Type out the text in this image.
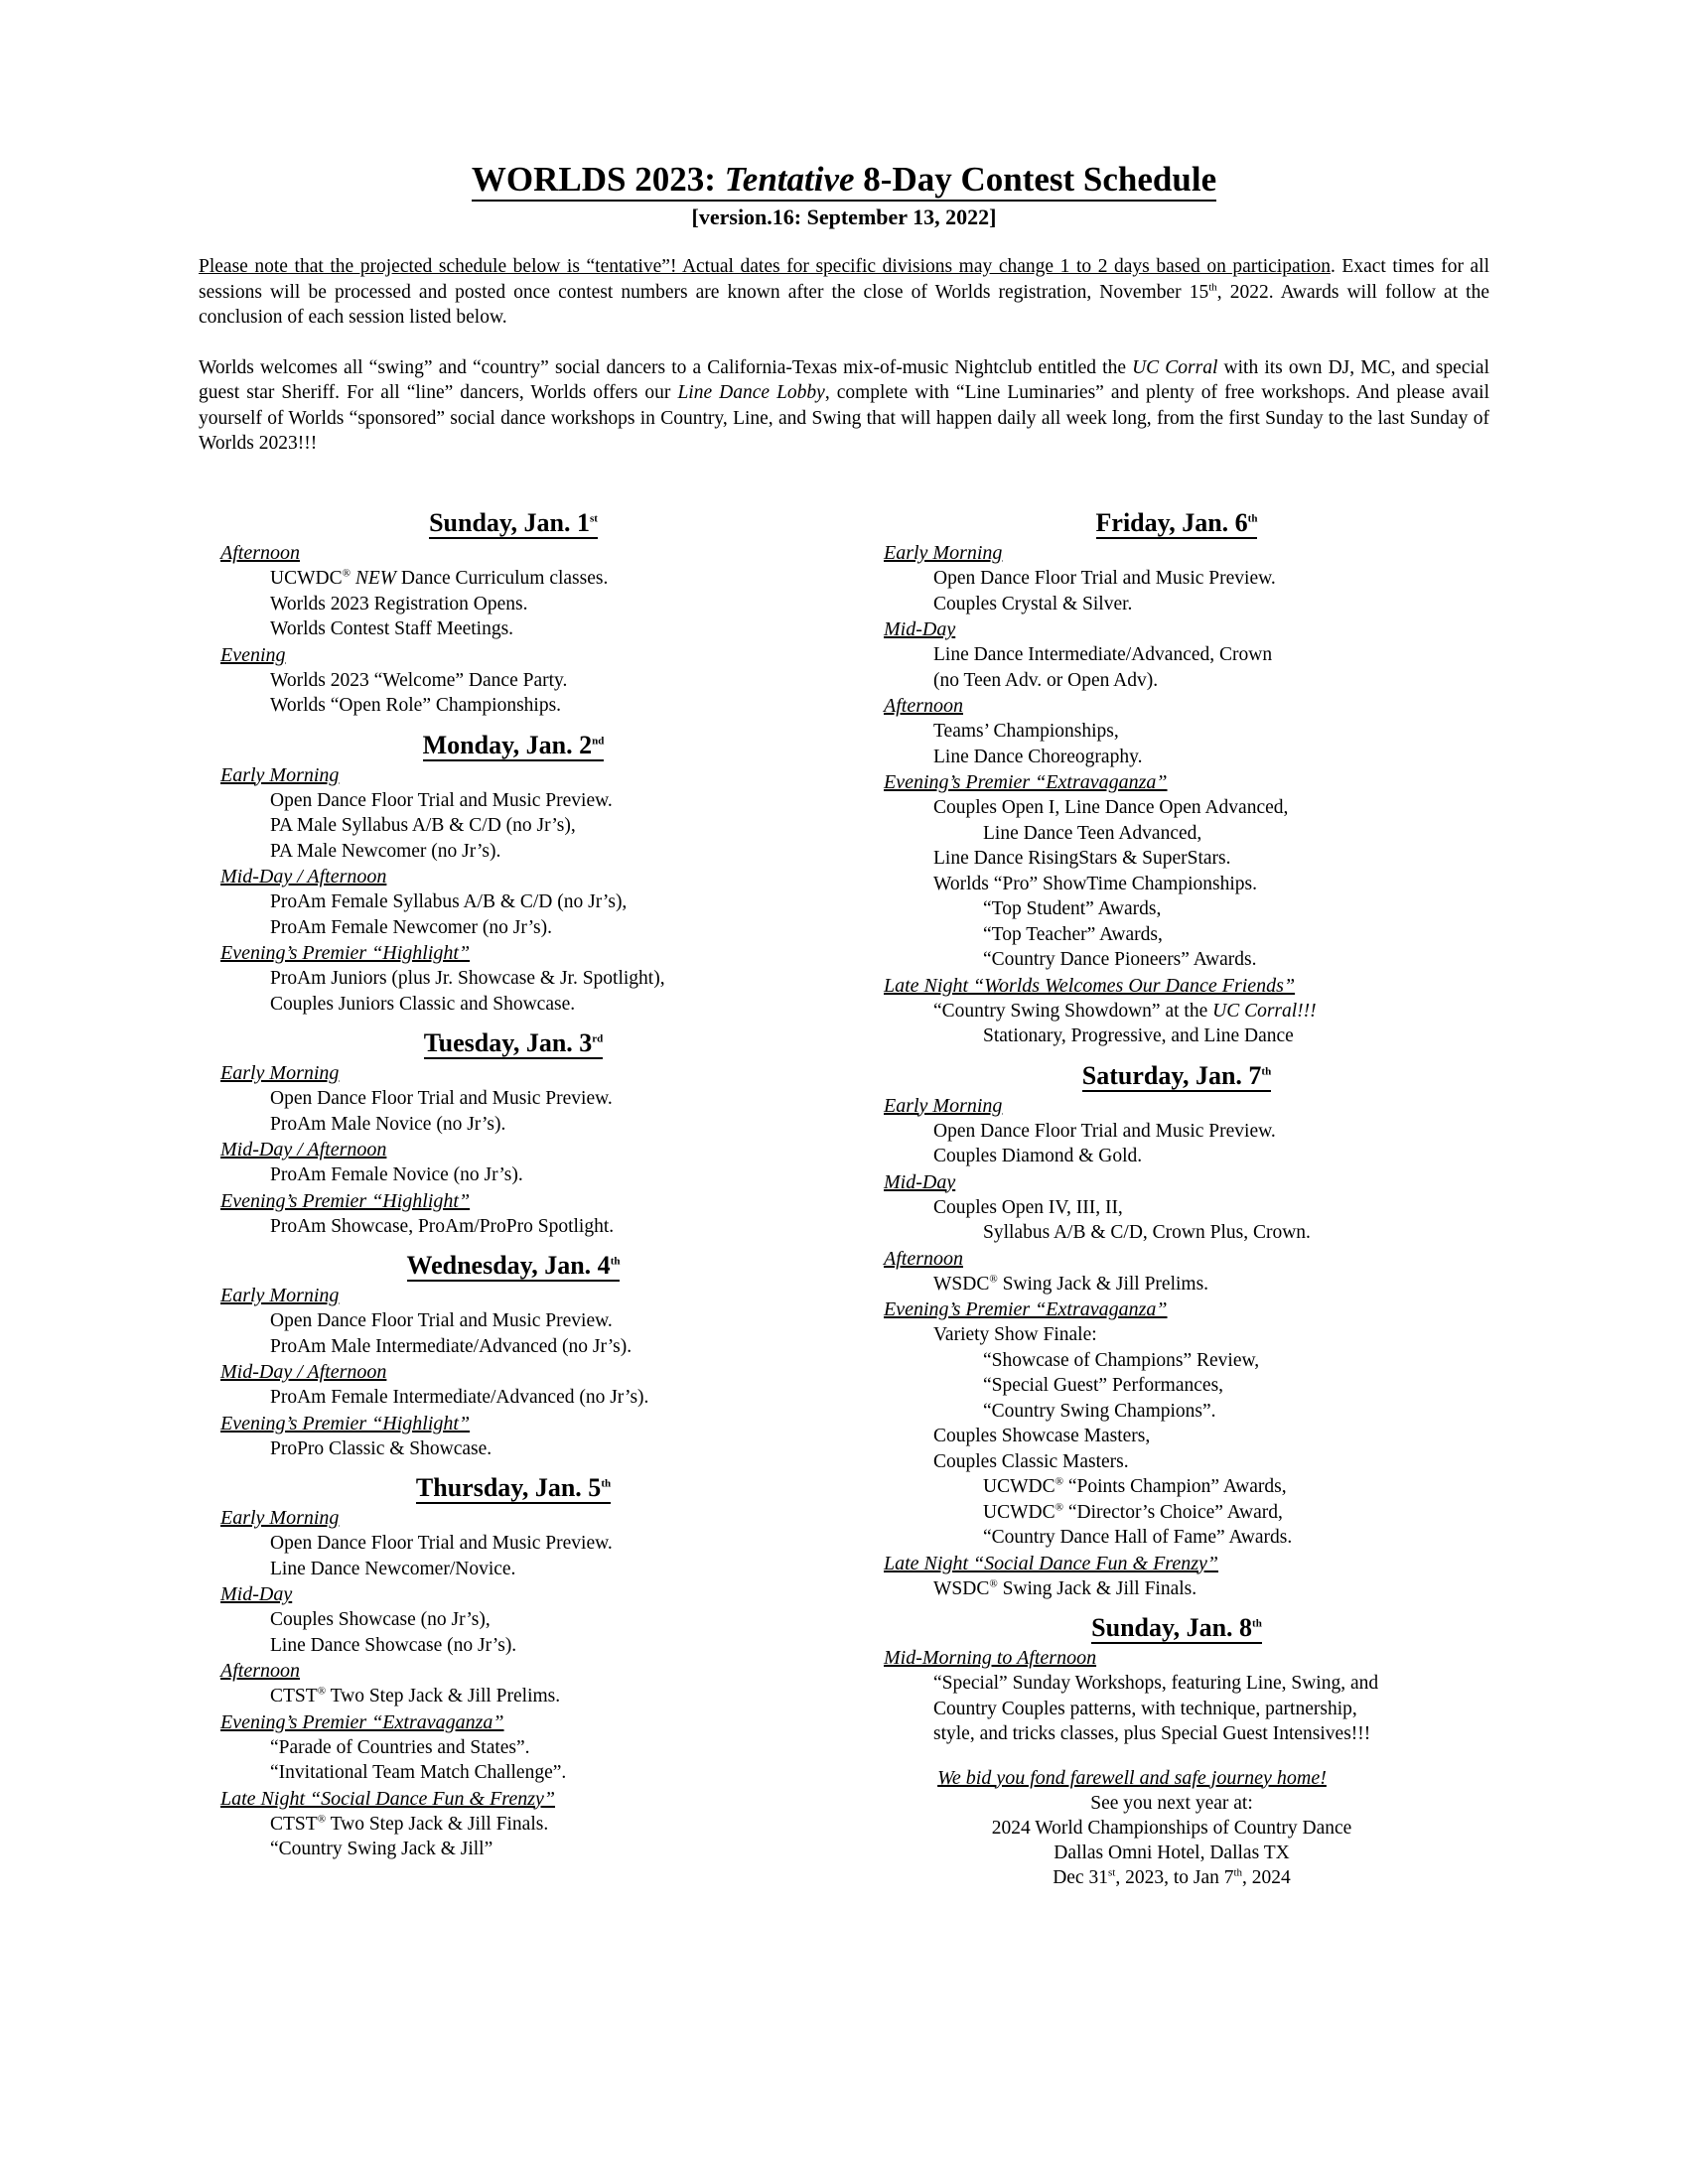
WORLDS 2023: Tentative 8-Day Contest Schedule
[version.16: September 13, 2022]

Please note that the projected schedule below is “tentative”! Actual dates for specific divisions may change 1 to 2 days based on participation. Exact times for all sessions will be processed and posted once contest numbers are known after the close of Worlds registration, November 15th, 2022. Awards will follow at the conclusion of each session listed below.

Worlds welcomes all “swing” and “country” social dancers to a California-Texas mix-of-music Nightclub entitled the UC Corral with its own DJ, MC, and special guest star Sheriff. For all “line” dancers, Worlds offers our Line Dance Lobby, complete with “Line Luminaries” and plenty of free workshops. And please avail yourself of Worlds “sponsored” social dance workshops in Country, Line, and Swing that will happen daily all week long, from the first Sunday to the last Sunday of Worlds 2023!!!

Sunday, Jan. 1st
Afternoon
UCWDC® NEW Dance Curriculum classes.
Worlds 2023 Registration Opens.
Worlds Contest Staff Meetings.
Evening
Worlds 2023 “Welcome” Dance Party.
Worlds “Open Role” Championships.
Monday, Jan. 2nd
Early Morning
Open Dance Floor Trial and Music Preview.
PA Male Syllabus A/B & C/D (no Jr’s),
PA Male Newcomer (no Jr’s).
Mid-Day / Afternoon
ProAm Female Syllabus A/B & C/D (no Jr’s),
ProAm Female Newcomer (no Jr’s).
Evening’s Premier “Highlight”
ProAm Juniors (plus Jr. Showcase & Jr. Spotlight),
Couples Juniors Classic and Showcase.
Tuesday, Jan. 3rd
Early Morning
Open Dance Floor Trial and Music Preview.
ProAm Male Novice (no Jr’s).
Mid-Day / Afternoon
ProAm Female Novice (no Jr’s).
Evening’s Premier “Highlight”
ProAm Showcase, ProAm/ProPro Spotlight.
Wednesday, Jan. 4th
Early Morning
Open Dance Floor Trial and Music Preview.
ProAm Male Intermediate/Advanced (no Jr’s).
Mid-Day / Afternoon
ProAm Female Intermediate/Advanced (no Jr’s).
Evening’s Premier “Highlight”
ProPro Classic & Showcase.
Thursday, Jan. 5th
Early Morning
Open Dance Floor Trial and Music Preview.
Line Dance Newcomer/Novice.
Mid-Day
Couples Showcase (no Jr’s),
Line Dance Showcase (no Jr’s).
Afternoon
CTST® Two Step Jack & Jill Prelims.
Evening’s Premier “Extravaganza”
“Parade of Countries and States”.
“Invitational Team Match Challenge”.
Late Night “Social Dance Fun & Frenzy”
CTST® Two Step Jack & Jill Finals.
“Country Swing Jack & Jill”
Friday, Jan. 6th
Early Morning
Open Dance Floor Trial and Music Preview.
Couples Crystal & Silver.
Mid-Day
Line Dance Intermediate/Advanced, Crown
(no Teen Adv. or Open Adv).
Afternoon
Teams’ Championships,
Line Dance Choreography.
Evening’s Premier “Extravaganza”
Couples Open I, Line Dance Open Advanced,
Line Dance Teen Advanced,
Line Dance RisingStars & SuperStars.
Worlds “Pro” ShowTime Championships.
“Top Student” Awards,
“Top Teacher” Awards,
“Country Dance Pioneers” Awards.
Late Night “Worlds Welcomes Our Dance Friends”
“Country Swing Showdown” at the UC Corral!!!
Stationary, Progressive, and Line Dance
Saturday, Jan. 7th
Early Morning
Open Dance Floor Trial and Music Preview.
Couples Diamond & Gold.
Mid-Day
Couples Open IV, III, II,
Syllabus A/B & C/D, Crown Plus, Crown.
Afternoon
WSDC® Swing Jack & Jill Prelims.
Evening’s Premier “Extravaganza”
Variety Show Finale:
“Showcase of Champions” Review,
“Special Guest” Performances,
“Country Swing Champions”.
Couples Showcase Masters,
Couples Classic Masters.
UCWDC® “Points Champion” Awards,
UCWDC® “Director’s Choice” Award,
“Country Dance Hall of Fame” Awards.
Late Night “Social Dance Fun & Frenzy”
WSDC® Swing Jack & Jill Finals.
Sunday, Jan. 8th
Mid-Morning to Afternoon
“Special” Sunday Workshops, featuring Line, Swing, and
Country Couples patterns, with technique, partnership,
style, and tricks classes, plus Special Guest Intensives!!!
We bid you fond farewell and safe journey home!
See you next year at:
2024 World Championships of Country Dance
Dallas Omni Hotel, Dallas TX
Dec 31st, 2023, to Jan 7th, 2024
